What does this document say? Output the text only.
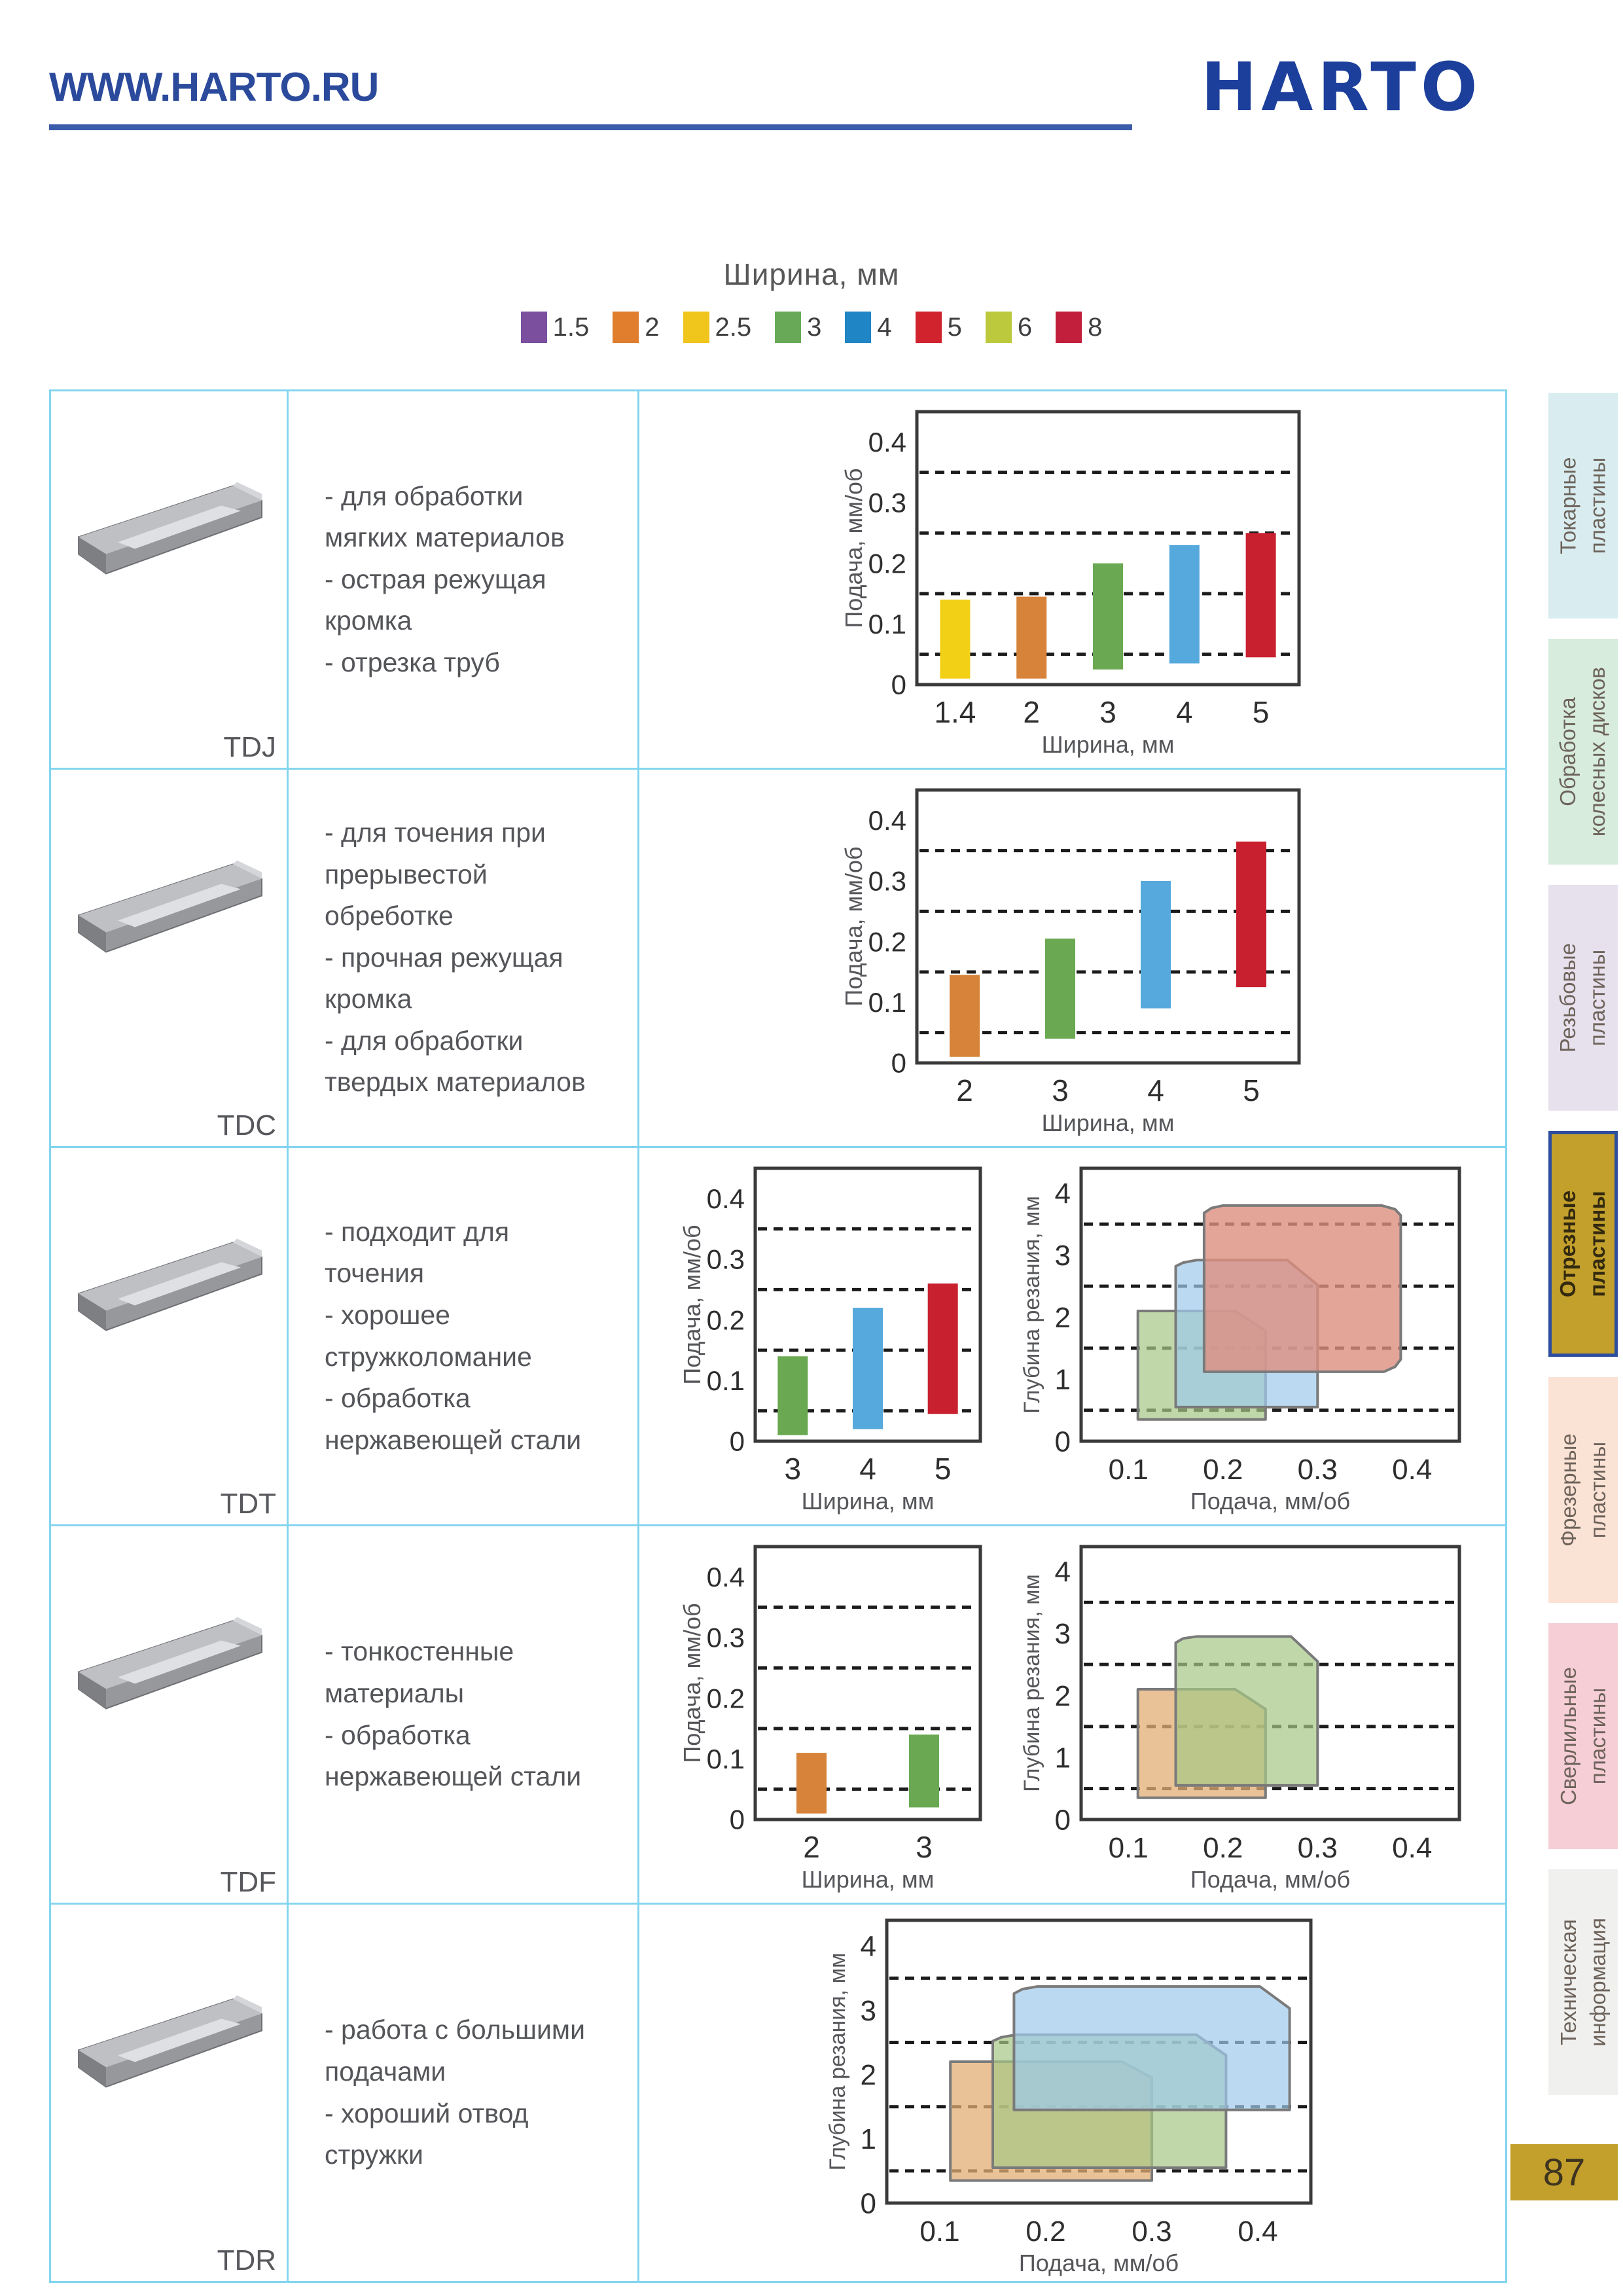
WWW.HARTO.RU	HARTO
Ширина, мм
1.5 2 2.5 3 4 5 6 8
TDJ
- для обработки мягких материалов
- острая режущая кромка
- отрезка труб
0
0.1
0.2
0.3
0.4
1.4 2 3 4 5
Ширина, мм
Подача, мм/об
TDC
- для точения при прерывестой обреботке
- прочная режущая кромка
- для обработки твердых материалов
0
0.1
0.2
0.3
0.4
2	3	4	5
Ширина, мм
Подача, мм/об
TDT
- подходит для точения
- хорошее стружколомание
- обработка нержавеющей стали	0
0.1
0.2
0.3
0.4
3 4 5
Ширина, мм
Подача, мм/об
0
1
2
3
4
0.1 0.2 0.3 0.4
Подача, мм/об
Глубина резания, мм
TDF
- тонкостенные материалы
- обработка нержавеющей стали
0
0.1
0.2
0.3
0.4
2	3
Ширина, мм
Подача, мм/об
0
1
2
3
4
0.1 0.2 0.3 0.4
Подача, мм/об
Глубина резания, мм
TDR
- работа с большими подачами
- хороший отвод стружки
0
1
2
3
4
0.1 0.2 0.3 0.4
Подача, мм/об
Глубина резания, мм
Токарные пластины
Обработка колесных дисков
Резьбовые пластины
Отрезные пластины
Фрезерные пластины
Сверлильные пластины
Техническая информация
87
